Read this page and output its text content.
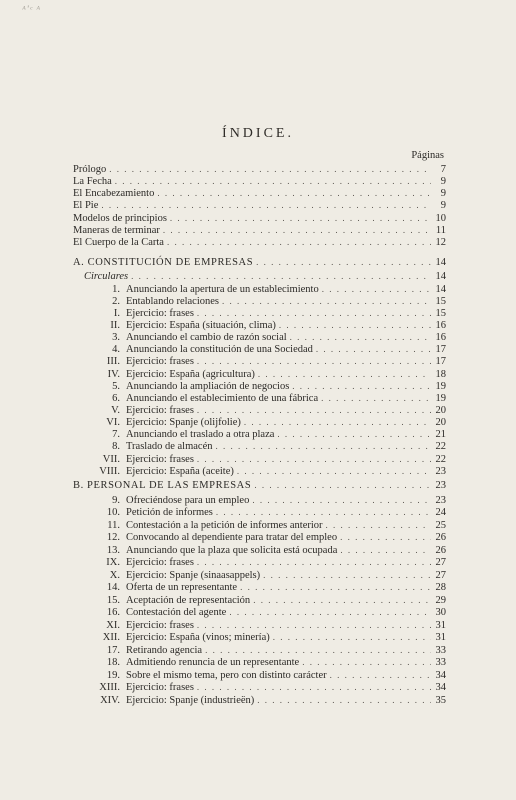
ᴬ'ᶜ ᴬ
ÍNDICE.
Páginas
Prólogo . . .	7
La Fecha . . .	9
El Encabezamiento . . .	9
El Pie . . .	9
Modelos de principios . . .	10
Maneras de terminar . . .	11
El Cuerpo de la Carta . . .	12
A. CONSTITUCIÓN DE EMPRESAS . . .	14
Circulares . . .	14
1. Anunciando la apertura de un establecimiento . . .	14
2. Entablando relaciones . . .	15
I. Ejercicio: frases . . .	15
II. Ejercicio: España (situación, clima) . . .	16
3. Anunciando el cambio de razón social . . .	16
4. Anunciando la constitución de una Sociedad . . .	17
III. Ejercicio: frases . . .	17
IV. Ejercicio: España (agricultura) . . .	18
5. Anunciando la ampliación de negocios . . .	19
6. Anunciando el establecimiento de una fábrica . . .	19
V. Ejercicio: frases . . .	20
VI. Ejercicio: Spanje (olijfolie) . . .	20
7. Anunciando el traslado a otra plaza . . .	21
8. Traslado de almacén . . .	22
VII. Ejercicio: frases . . .	22
VIII. Ejercicio: España (aceite) . . .	23
B. PERSONAL DE LAS EMPRESAS . . .	23
9. Ofreciéndose para un empleo . . .	23
10. Petición de informes . . .	24
11. Contestación a la petición de informes anterior . . .	25
12. Convocando al dependiente para tratar del empleo . . .	26
13. Anunciando que la plaza que solicita está ocupada . . .	26
IX. Ejercicio: frases . . .	27
X. Ejercicio: Spanje (sinaasappels) . . .	27
14. Oferta de un representante . . .	28
15. Aceptación de representación . . .	29
16. Contestación del agente . . .	30
XI. Ejercicio: frases . . .	31
XII. Ejercicio: España (vinos; minería) . . .	31
17. Retirando agencia . . .	33
18. Admitiendo renuncia de un representante . . .	33
19. Sobre el mismo tema, pero con distinto carácter . . .	34
XIII. Ejercicio: frases . . .	34
XIV. Ejercicio: Spanje (industrieën) . . .	35
